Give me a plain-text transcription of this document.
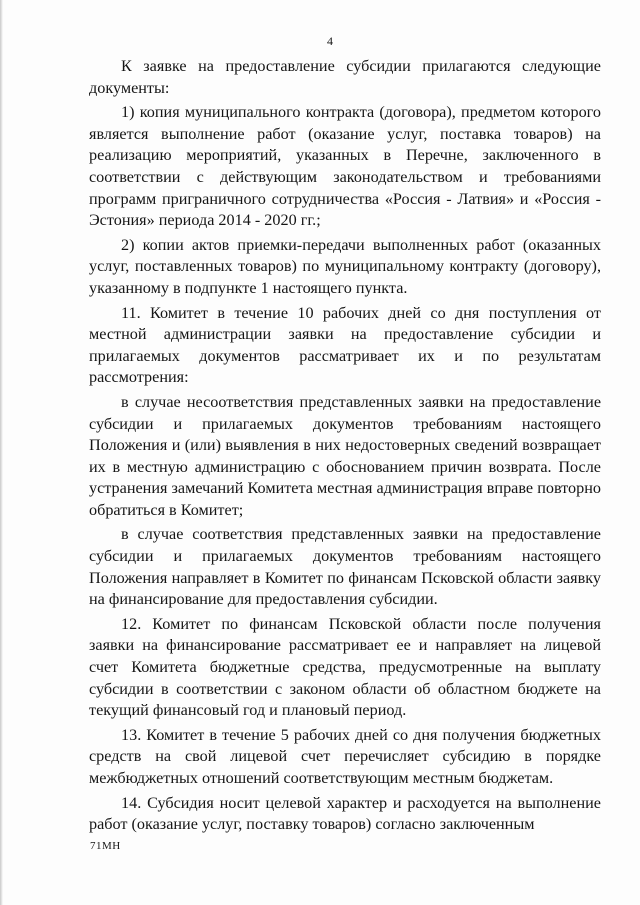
4

К заявке на предоставление субсидии прилагаются следующие документы:

1) копия муниципального контракта (договора), предметом которого является выполнение работ (оказание услуг, поставка товаров) на реализацию мероприятий, указанных в Перечне, заключенного в соответствии с действующим законодательством и требованиями программ приграничного сотрудничества «Россия - Латвия» и «Россия - Эстония» периода 2014 - 2020 гг.;

2) копии актов приемки-передачи выполненных работ (оказанных услуг, поставленных товаров) по муниципальному контракту (договору), указанному в подпункте 1 настоящего пункта.

11. Комитет в течение 10 рабочих дней со дня поступления от местной администрации заявки на предоставление субсидии и прилагаемых документов рассматривает их и по результатам рассмотрения:

в случае несоответствия представленных заявки на предоставление субсидии и прилагаемых документов требованиям настоящего Положения и (или) выявления в них недостоверных сведений возвращает их в местную администрацию с обоснованием причин возврата. После устранения замечаний Комитета местная администрация вправе повторно обратиться в Комитет;

в случае соответствия представленных заявки на предоставление субсидии и прилагаемых документов требованиям настоящего Положения направляет в Комитет по финансам Псковской области заявку на финансирование для предоставления субсидии.

12. Комитет по финансам Псковской области после получения заявки на финансирование рассматривает ее и направляет на лицевой счет Комитета бюджетные средства, предусмотренные на выплату субсидии в соответствии с законом области об областном бюджете на текущий финансовый год и плановый период.

13. Комитет в течение 5 рабочих дней со дня получения бюджетных средств на свой лицевой счет перечисляет субсидию в порядке межбюджетных отношений соответствующим местным бюджетам.

14. Субсидия носит целевой характер и расходуется на выполнение работ (оказание услуг, поставку товаров) согласно заключенным

71МН
